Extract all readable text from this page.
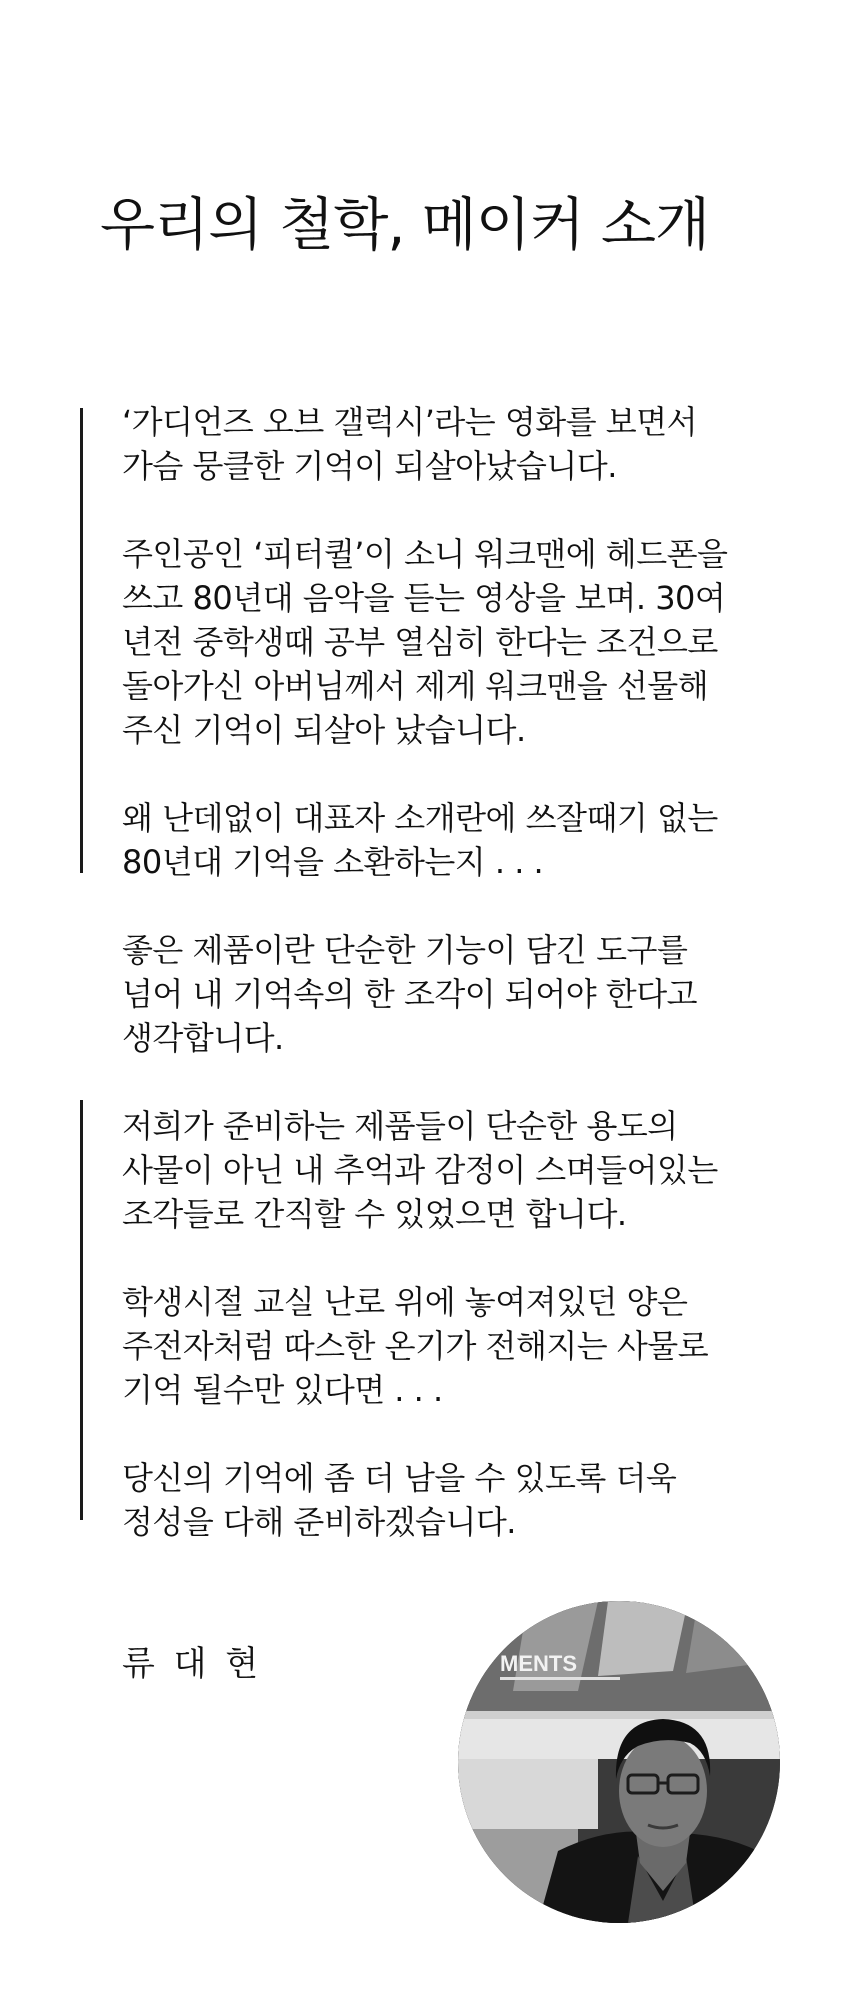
우리의 철학, 메이커 소개

‘가디언즈 오브 갤럭시’라는 영화를 보면서
가슴 뭉클한 기억이 되살아났습니다.

주인공인 ‘피터퀼’이 소니 워크맨에 헤드폰을
쓰고 80년대 음악을 듣는 영상을 보며. 30여
년전 중학생때 공부 열심히 한다는 조건으로
돌아가신 아버님께서 제게 워크맨을 선물해
주신 기억이 되살아 났습니다.

왜 난데없이 대표자 소개란에 쓰잘때기 없는
80년대 기억을 소환하는지 . . .

좋은 제품이란 단순한 기능이 담긴 도구를
넘어 내 기억속의 한 조각이 되어야 한다고
생각합니다.

저희가 준비하는 제품들이 단순한 용도의
사물이 아닌 내 추억과 감정이 스며들어있는
조각들로 간직할 수 있었으면 합니다.

학생시절 교실 난로 위에 놓여져있던 양은
주전자처럼 따스한 온기가 전해지는 사물로
기억 될수만 있다면 . . .

당신의 기억에 좀 더 남을 수 있도록 더욱
정성을 다해 준비하겠습니다.

류 대 현	MENTS
